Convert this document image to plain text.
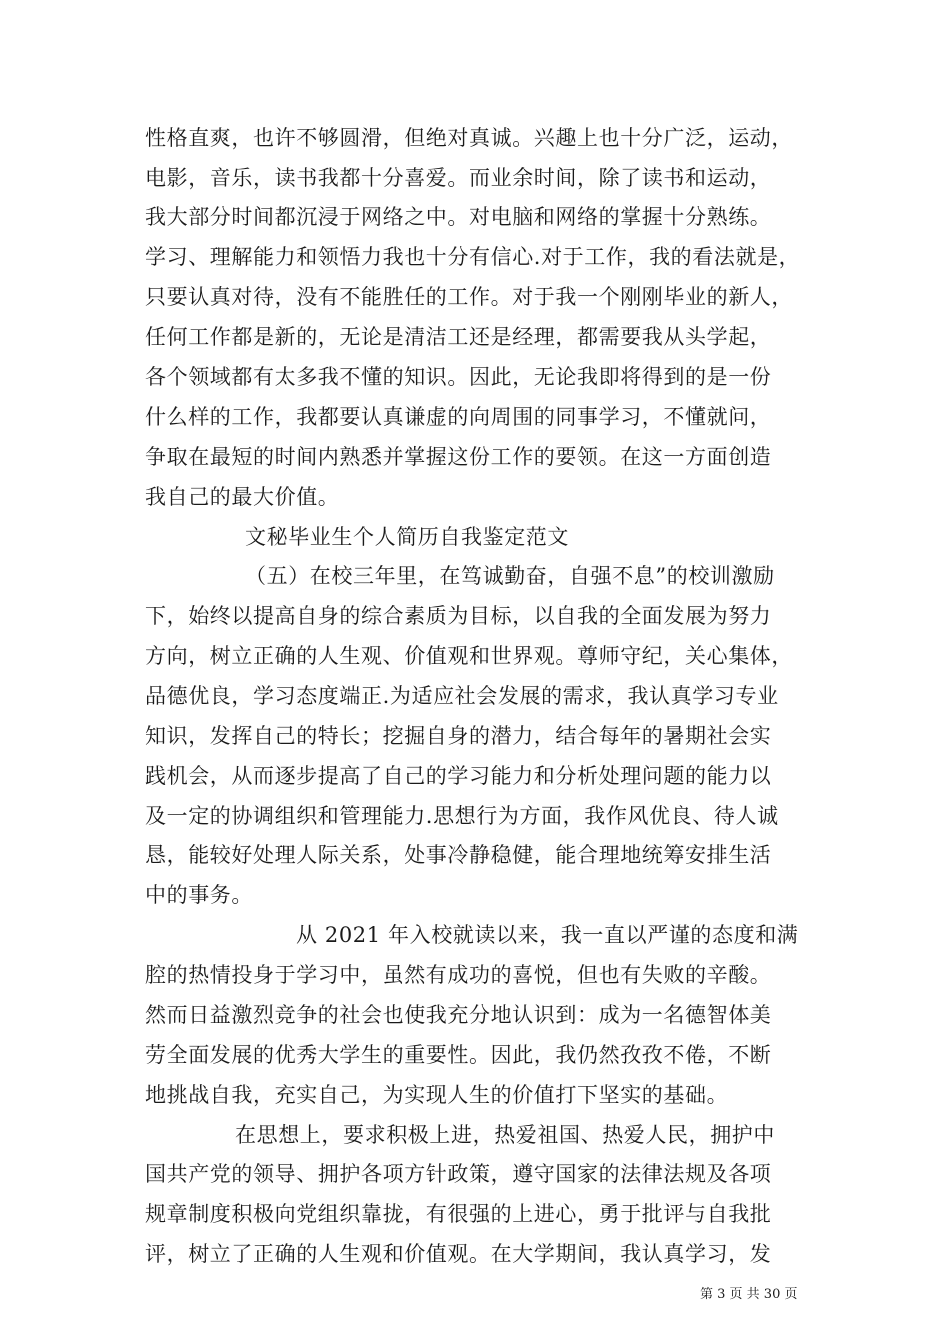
性格直爽，也许不够圆滑，但绝对真诚。兴趣上也十分广泛，运动，
电影，音乐，读书我都十分喜爱。而业余时间，除了读书和运动，
我大部分时间都沉浸于网络之中。对电脑和网络的掌握十分熟练。
学习、理解能力和领悟力我也十分有信心.对于工作，我的看法就是，
只要认真对待，没有不能胜任的工作。对于我一个刚刚毕业的新人，
任何工作都是新的，无论是清洁工还是经理，都需要我从头学起，
各个领域都有太多我不懂的知识。因此，无论我即将得到的是一份
什么样的工作，我都要认真谦虚的向周围的同事学习，不懂就问，
争取在最短的时间内熟悉并掌握这份工作的要领。在这一方面创造
我自己的最大价值。
文秘毕业生个人简历自我鉴定范文
（五）在校三年里，在笃诚勤奋，自强不息”的校训激励
下，始终以提高自身的综合素质为目标，以自我的全面发展为努力
方向，树立正确的人生观、价值观和世界观。尊师守纪，关心集体，
品德优良，学习态度端正.为适应社会发展的需求，我认真学习专业
知识，发挥自己的特长；挖掘自身的潜力，结合每年的暑期社会实
践机会，从而逐步提高了自己的学习能力和分析处理问题的能力以
及一定的协调组织和管理能力.思想行为方面，我作风优良、待人诚
恳，能较好处理人际关系，处事冷静稳健，能合理地统筹安排生活
中的事务。
从 2021 年入校就读以来，我一直以严谨的态度和满
腔的热情投身于学习中，虽然有成功的喜悦，但也有失败的辛酸。
然而日益激烈竞争的社会也使我充分地认识到：成为一名德智体美
劳全面发展的优秀大学生的重要性。因此，我仍然孜孜不倦，不断
地挑战自我，充实自己，为实现人生的价值打下坚实的基础。
在思想上，要求积极上进，热爱祖国、热爱人民，拥护中
国共产党的领导、拥护各项方针政策，遵守国家的法律法规及各项
规章制度积极向党组织靠拢，有很强的上进心，勇于批评与自我批
评，树立了正确的人生观和价值观。在大学期间，我认真学习，发
第 3 页 共 30 页
